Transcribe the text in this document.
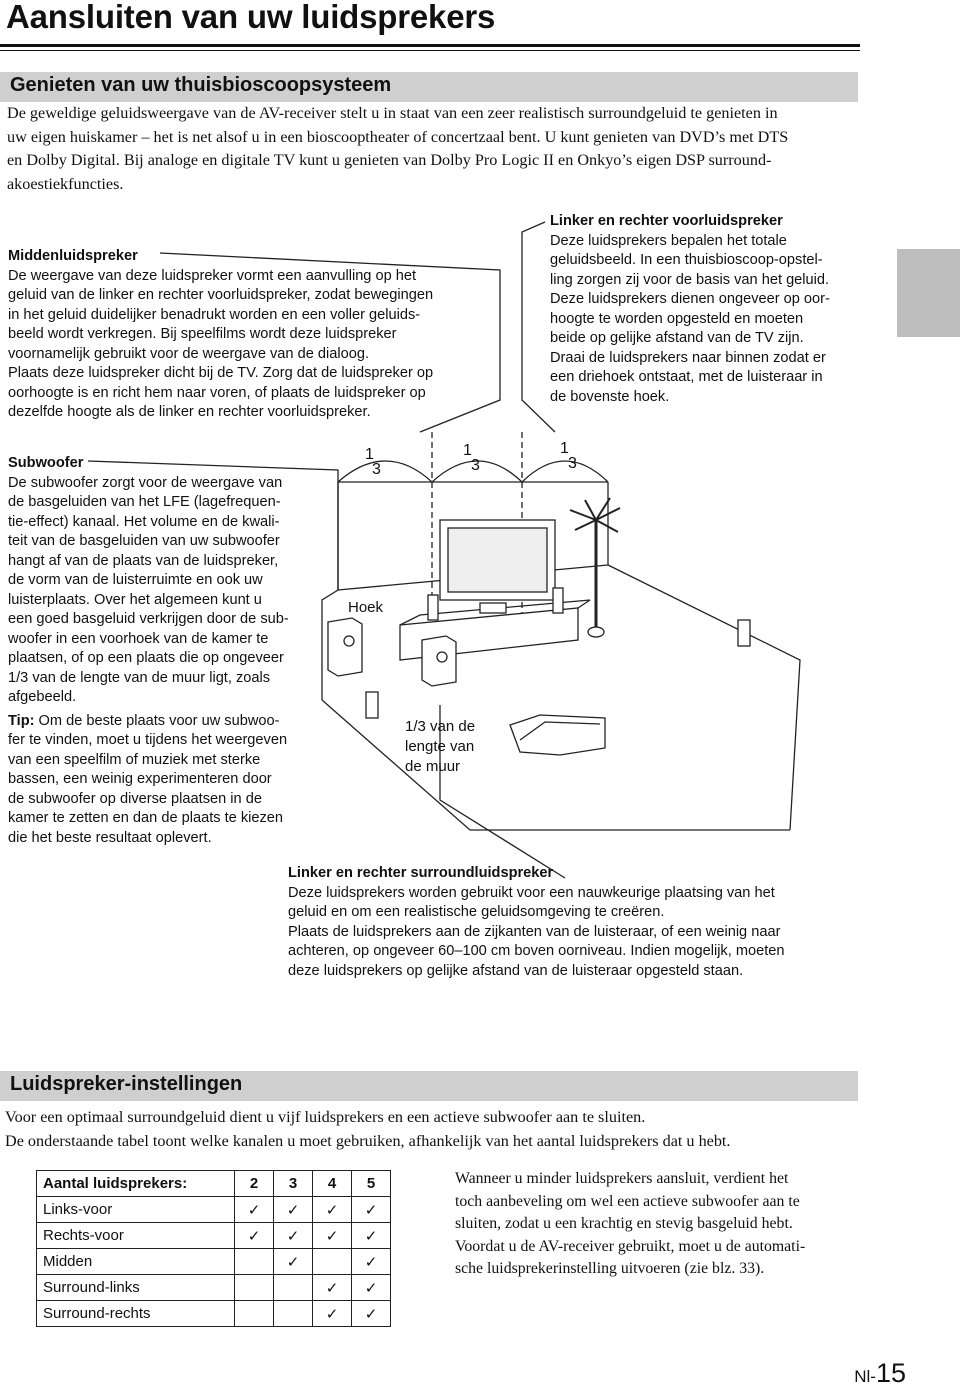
Aansluiten van uw luidsprekers
Genieten van uw thuisbioscoopsysteem
De geweldige geluidsweergave van de AV-receiver stelt u in staat van een zeer realistisch surroundgeluid te genieten in
uw eigen huiskamer – het is net alsof u in een bioscooptheater of concertzaal bent. U kunt genieten van DVD’s met DTS
en Dolby Digital. Bij analoge en digitale TV kunt u genieten van Dolby Pro Logic II en Onkyo’s eigen DSP surround-
akoestiekfuncties.
Middenluidspreker
De weergave van deze luidspreker vormt een aanvulling op het
geluid van de linker en rechter voorluidspreker, zodat bewegingen
in het geluid duidelijker benadrukt worden en een voller geluids-
beeld wordt verkregen. Bij speelfilms wordt deze luidspreker
voornamelijk gebruikt voor de weergave van de dialoog.
Plaats deze luidspreker dicht bij de TV. Zorg dat de luidspreker op
oorhoogte is en richt hem naar voren, of plaats de luidspreker op
dezelfde hoogte als de linker en rechter voorluidspreker.
Linker en rechter voorluidspreker
Deze luidsprekers bepalen het totale
geluidsbeeld. In een thuisbioscoop-opstel-
ling zorgen zij voor de basis van het geluid.
Deze luidsprekers dienen ongeveer op oor-
hoogte te worden opgesteld en moeten
beide op gelijke afstand van de TV zijn.
Draai de luidsprekers naar binnen zodat er
een driehoek ontstaat, met de luisteraar in
de bovenste hoek.
Subwoofer
De subwoofer zorgt voor de weergave van
de basgeluiden van het LFE (lagefrequen-
tie-effect) kanaal. Het volume en de kwali-
teit van de basgeluiden van uw subwoofer
hangt af van de plaats van de luidspreker,
de vorm van de luisterruimte en ook uw
luisterplaats. Over het algemeen kunt u
een goed basgeluid verkrijgen door de sub-
woofer in een voorhoek van de kamer te
plaatsen, of op een plaats die op ongeveer
1/3 van de lengte van de muur ligt, zoals
afgebeeld.
Tip: Om de beste plaats voor uw subwoo-
fer te vinden, moet u tijdens het weergeven
van een speelfilm of muziek met sterke
bassen, een weinig experimenteren door
de subwoofer op diverse plaatsen in de
kamer te zetten en dan de plaats te kiezen
die het beste resultaat oplevert.
1
3
1
3
1
3
Hoek
1/3 van de
lengte van
de muur
Linker en rechter surroundluidspreker
Deze luidsprekers worden gebruikt voor een nauwkeurige plaatsing van het
geluid en om een realistische geluidsomgeving te creëren.
Plaats de luidsprekers aan de zijkanten van de luisteraar, of een weinig naar
achteren, op ongeveer 60–100 cm boven oorniveau. Indien mogelijk, moeten
deze luidsprekers op gelijke afstand van de luisteraar opgesteld staan.
Luidspreker-instellingen
Voor een optimaal surroundgeluid dient u vijf luidsprekers en een actieve subwoofer aan te sluiten.
De onderstaande tabel toont welke kanalen u moet gebruiken, afhankelijk van het aantal luidsprekers dat u hebt.
Aantal luidsprekers:	2	3	4	5
Links-voor	✓	✓	✓	✓
Rechts-voor	✓	✓	✓	✓
Midden		✓		✓
Surround-links			✓	✓
Surround-rechts			✓	✓
Wanneer u minder luidsprekers aansluit, verdient het
toch aanbeveling om wel een actieve subwoofer aan te
sluiten, zodat u een krachtig en stevig basgeluid hebt.
Voordat u de AV-receiver gebruikt, moet u de automati-
sche luidsprekerinstelling uitvoeren (zie blz. 33).
Nl-15
